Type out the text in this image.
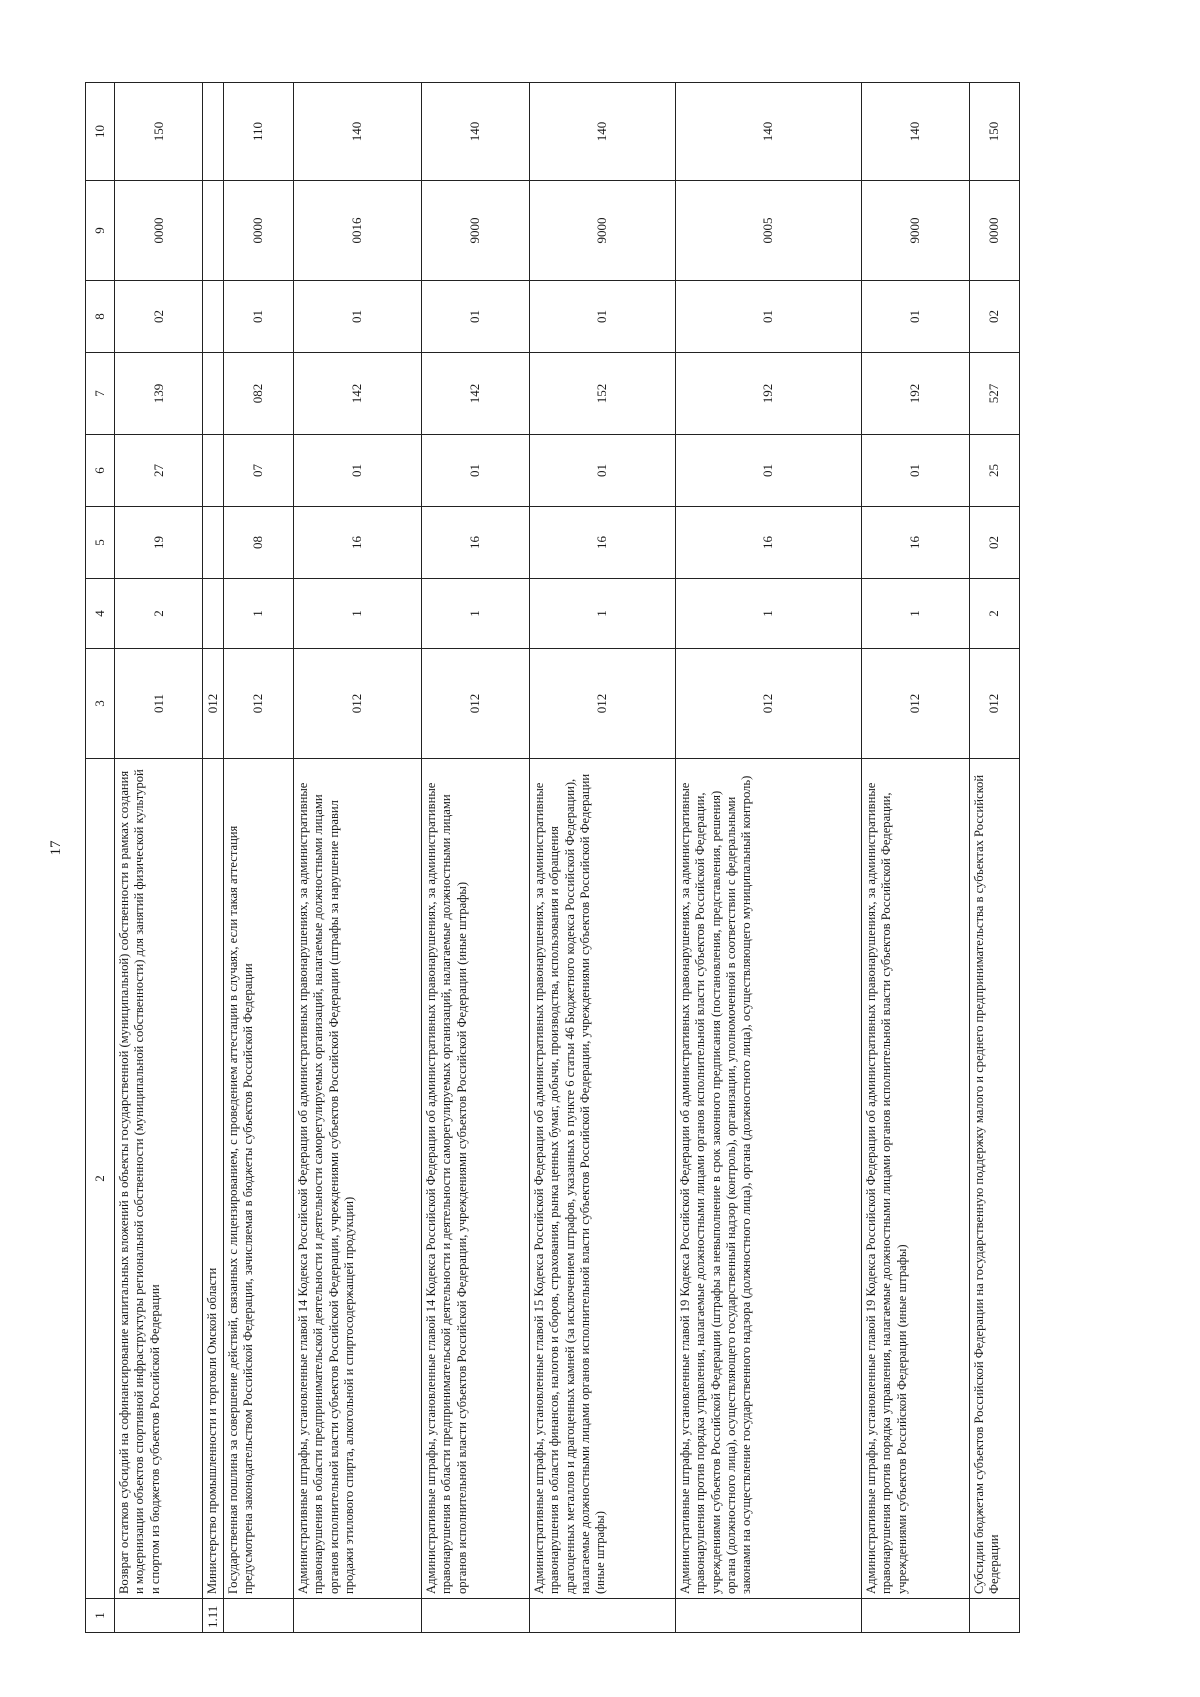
17
1	2	3	4	5	6	7	8	9	10
	Возврат остатков субсидий на софинансирование капитальных вложений в объекты государственной (муниципальной) собственности в рамках создания и модернизации объектов спортивной инфраструктуры региональной собственности (муниципальной собственности) для занятий физической культурой и спортом из бюджетов субъектов Российской Федерации	011	2	19	27	139	02	0000	150
1.11	Министерство промышленности и торговли Омской области	012							
	Государственная пошлина за совершение действий, связанных с лицензированием, с проведением аттестации в случаях, если такая аттестация предусмотрена законодательством Российской Федерации, зачисляемая в бюджеты субъектов Российской Федерации	012	1	08	07	082	01	0000	110
	Административные штрафы, установленные главой 14 Кодекса Российской Федерации об административных правонарушениях, за административные правонарушения в области предпринимательской деятельности и деятельности саморегулируемых организаций, налагаемые должностными лицами органов исполнительной власти субъектов Российской Федерации, учреждениями субъектов Российской Федерации (штрафы за нарушение правил продажи этилового спирта, алкогольной и спиртосодержащей продукции)	012	1	16	01	142	01	0016	140
	Административные штрафы, установленные главой 14 Кодекса Российской Федерации об административных правонарушениях, за административные правонарушения в области предпринимательской деятельности и деятельности саморегулируемых организаций, налагаемые должностными лицами органов исполнительной власти субъектов Российской Федерации, учреждениями субъектов Российской Федерации (иные штрафы)	012	1	16	01	142	01	9000	140
	Административные штрафы, установленные главой 15 Кодекса Российской Федерации об административных правонарушениях, за административные правонарушения в области финансов, налогов и сборов, страхования, рынка ценных бумаг, добычи, производства, использования и обращения драгоценных металлов и драгоценных камней (за исключением штрафов, указанных в пункте 6 статьи 46 Бюджетного кодекса Российской Федерации), налагаемые должностными лицами органов исполнительной власти субъектов Российской Федерации, учреждениями субъектов Российской Федерации (иные штрафы)	012	1	16	01	152	01	9000	140
	Административные штрафы, установленные главой 19 Кодекса Российской Федерации об административных правонарушениях, за административные правонарушения против порядка управления, налагаемые должностными лицами органов исполнительной власти субъектов Российской Федерации, учреждениями субъектов Российской Федерации (штрафы за невыполнение в срок законного предписания (постановления, представления, решения) органа (должностного лица), осуществляющего государственный надзор (контроль), организации, уполномоченной в соответствии с федеральными законами на осуществление государственного надзора (должностного лица), органа (должностного лица), осуществляющего муниципальный контроль)	012	1	16	01	192	01	0005	140
	Административные штрафы, установленные главой 19 Кодекса Российской Федерации об административных правонарушениях, за административные правонарушения против порядка управления, налагаемые должностными лицами органов исполнительной власти субъектов Российской Федерации, учреждениями субъектов Российской Федерации (иные штрафы)	012	1	16	01	192	01	9000	140
	Субсидии бюджетам субъектов Российской Федерации на государственную поддержку малого и среднего предпринимательства в субъектах Российской Федерации	012	2	02	25	527	02	0000	150
